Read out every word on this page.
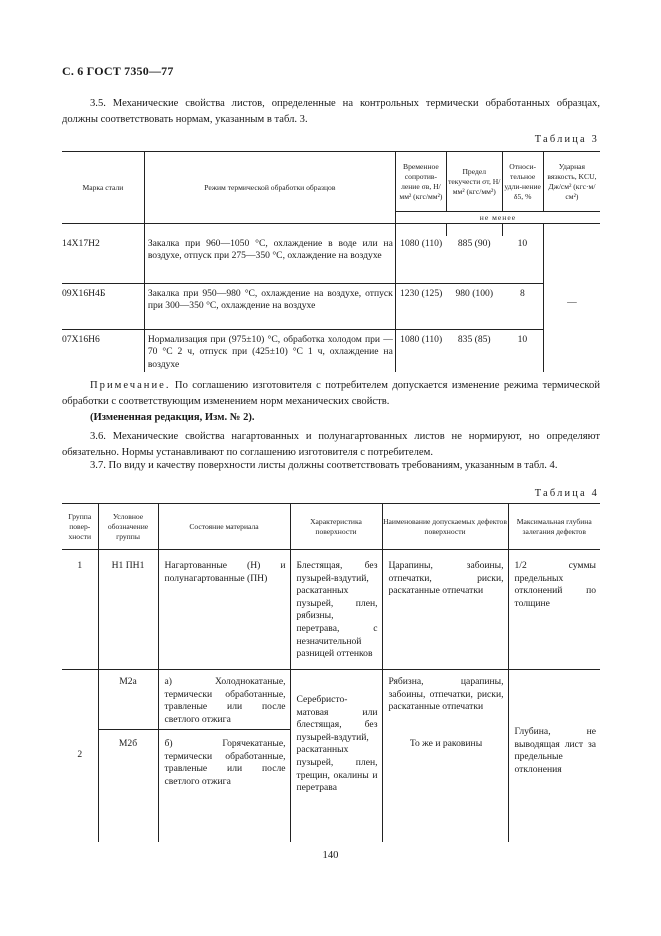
С. 6 ГОСТ 7350—77
3.5. Механические свойства листов, определенные на контрольных термически обработанных образцах, должны соответствовать нормам, указанным в табл. 3.
Таблица 3
Марка стали	Режим термической обработки образцов	Временное сопротив-ление σв, Н/мм² (кгс/мм²)	Предел текучести σт, Н/мм² (кгс/мм²)	Относи-тельное удли-нение δ5, %	Ударная вязкость, KCU, Дж/см² (кгс·м/см²)
		не менее			

14Х17Н2	Закалка при 960—1050 °С, охлаждение в воде или на воздухе, отпуск при 275—350 °С, охлаждение на воздухе	1080 (110)	885 (90)	10	—
09Х16Н4Б	Закалка при 950—980 °С, охлаждение на воздухе, отпуск при 300—350 °С, охлаждение на воздухе	1230 (125)	980 (100)	8	
07Х16Н6	Нормализация при (975±10) °С, обработка холодом при —70 °С 2 ч, отпуск при (425±10) °С 1 ч, охлаждение на воздухе	1080 (110)	835 (85)	10	
Примечание. По соглашению изготовителя с потребителем допускается изменение режима термической обработки с соответствующим изменением норм механических свойств.
(Измененная редакция, Изм. № 2).
3.6. Механические свойства нагартованных и полунагартованных листов не нормируют, но определяют обязательно. Нормы устанавливают по соглашению изготовителя с потребителем.
3.7. По виду и качеству поверхности листы должны соответствовать требованиям, указанным в табл. 4.
Таблица 4
Группа повер-хности	Условное обозначение группы	Состояние материала	Характеристика поверхности	Наименование допускаемых дефектов поверхности	Максимальная глубина залегания дефектов
1	Н1 ПН1	Нагартованные (Н) и полунагартованные (ПН)	Блестящая, без пузырей-вздутий, раскатанных пузырей, плен, рябизны, перетрава, с незначительной разницей оттенков	Царапины, забоины, отпечатки, риски, раскатанные отпечатки	1/2 суммы предельных отклонений по толщине
2	М2а	а) Холоднокатаные, термически обработанные, травленые или после светлого отжига	Серебристо-матовая или блестящая, без пузырей-вздутий, раскатанных пузырей, плен, трещин, окалины и перетрава	Рябизна, царапины, забоины, отпечатки, риски, раскатанные отпечатки	Глубина, не выводящая лист за предельные отклонения
	М2б	б) Горячекатаные, термически обработанные, травленые или после светлого отжига		То же и раковины	
140
